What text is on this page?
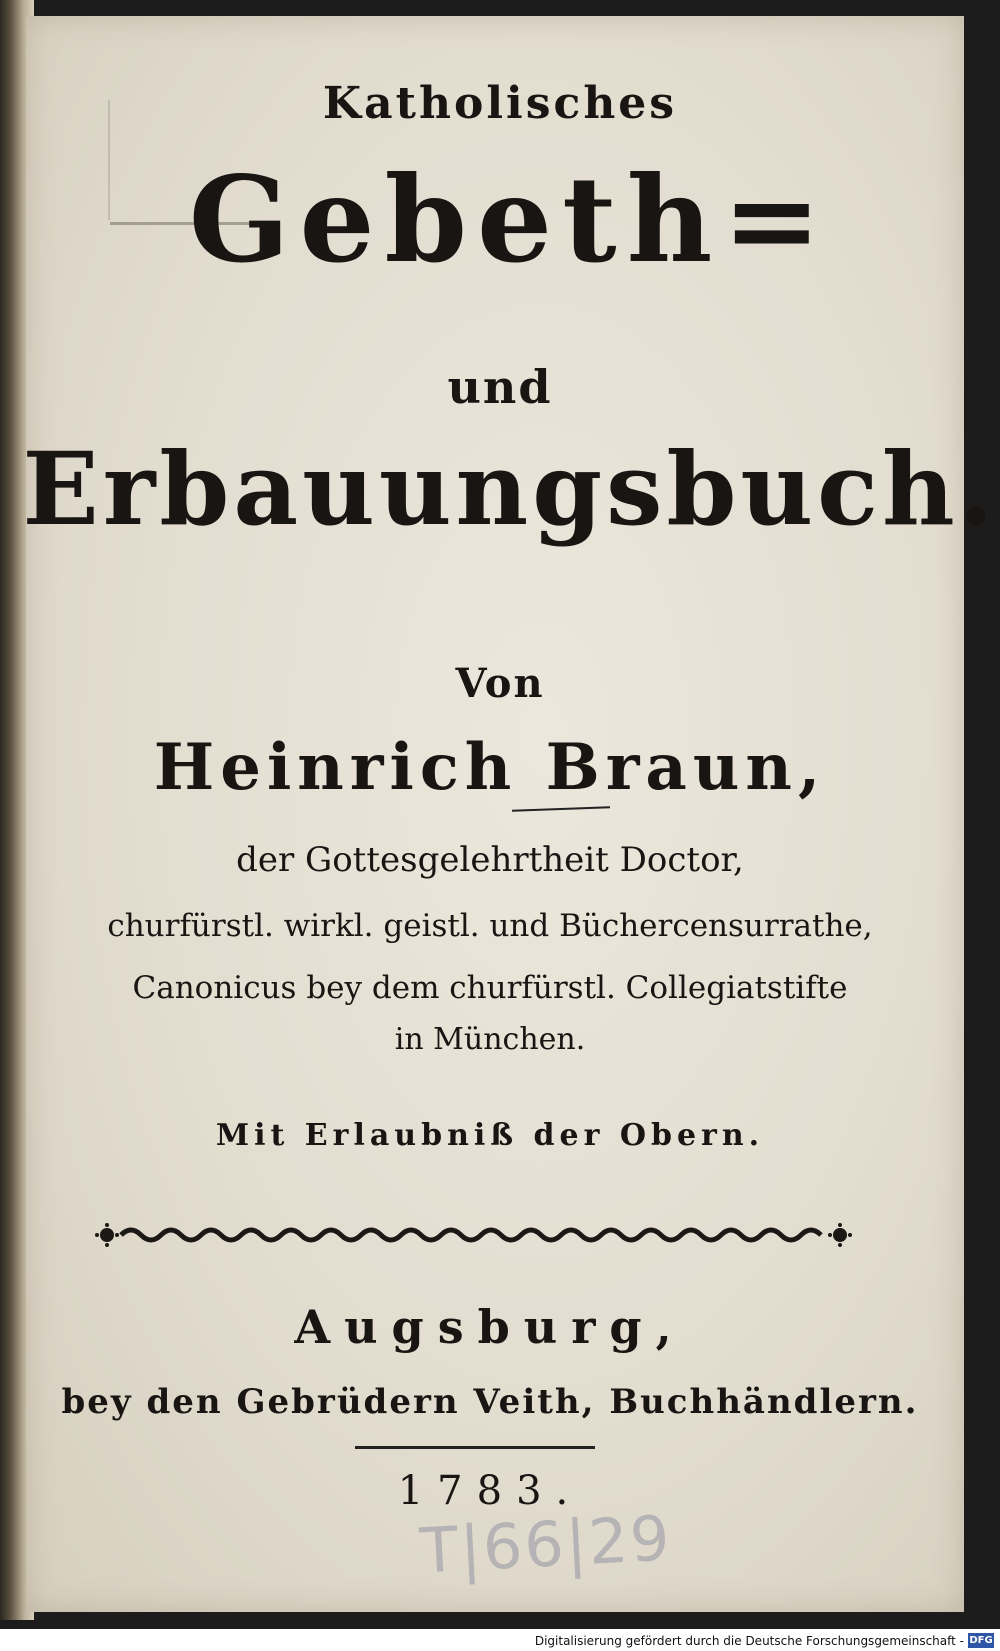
Katholisches
Gebeth=
und
Erbauungsbuch.
Von
Heinrich Braun,
der Gottesgelehrtheit Doctor,
churfürstl. wirkl. geistl. und Büchercensurrathe,
Canonicus bey dem churfürstl. Collegiatstifte
in München.
Mit Erlaubniß der Obern.
Augsburg,
bey den Gebrüdern Veith, Buchhändlern.
1783.
T|66|29
Digitalisierung gefördert durch die Deutsche Forschungsgemeinschaft - DFG
